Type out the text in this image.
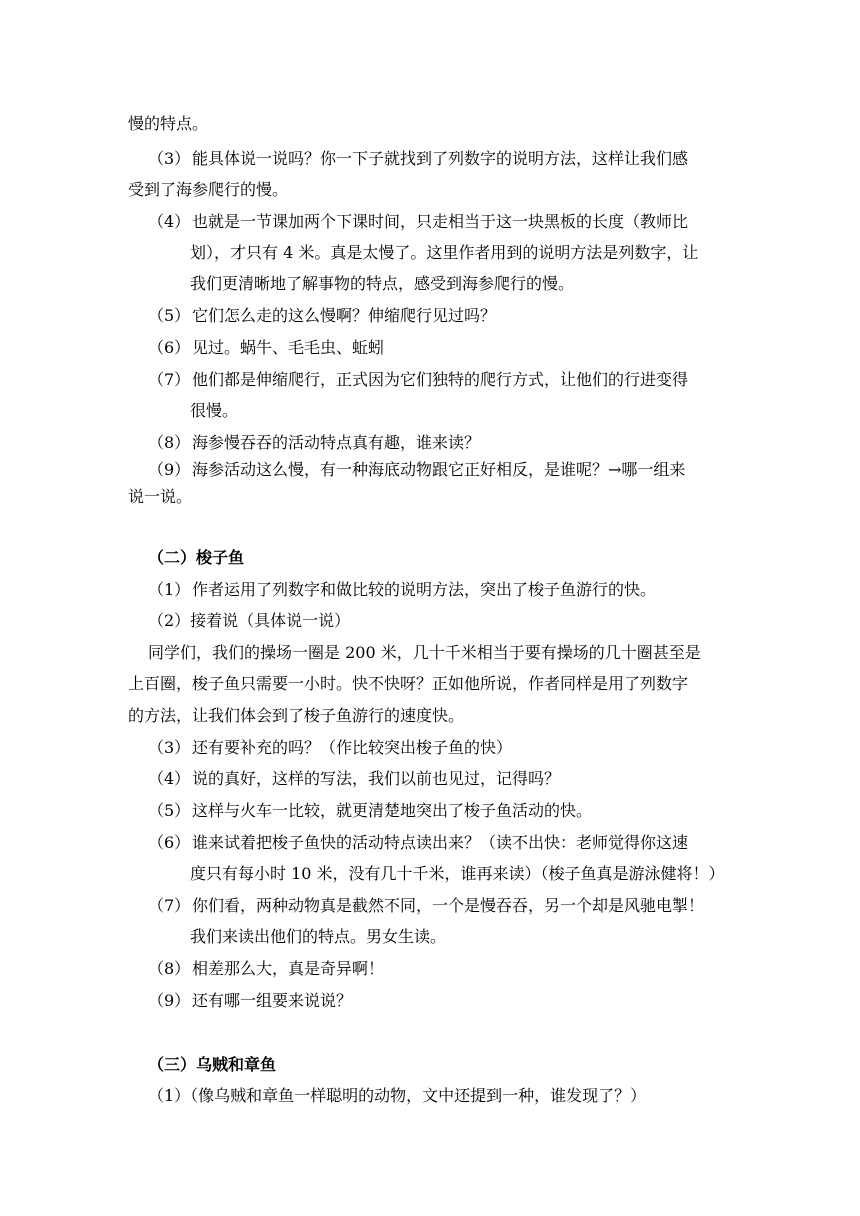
慢的特点。
（3） 能具体说一说吗？你一下子就找到了列数字的说明方法，这样让我们感
受到了海参爬行的慢。
（4） 也就是一节课加两个下课时间，只走相当于这一块黑板的长度（教师比
划），才只有 4 米。真是太慢了。这里作者用到的说明方法是列数字，让
我们更清晰地了解事物的特点，感受到海参爬行的慢。
（5） 它们怎么走的这么慢啊？伸缩爬行见过吗？
（6） 见过。蜗牛、毛毛虫、蚯蚓
（7） 他们都是伸缩爬行，正式因为它们独特的爬行方式，让他们的行进变得
很慢。
（8） 海参慢吞吞的活动特点真有趣，谁来读？
（9） 海参活动这么慢，有一种海底动物跟它正好相反，是谁呢？→哪一组来
说一说。
（二）梭子鱼
（1） 作者运用了列数字和做比较的说明方法，突出了梭子鱼游行的快。
（2）接着说（具体说一说）
同学们，我们的操场一圈是 200 米，几十千米相当于要有操场的几十圈甚至是
上百圈，梭子鱼只需要一小时。快不快呀？正如他所说，作者同样是用了列数字
的方法，让我们体会到了梭子鱼游行的速度快。
（3） 还有要补充的吗？（作比较突出梭子鱼的快）
（4） 说的真好，这样的写法，我们以前也见过，记得吗？
（5） 这样与火车一比较，就更清楚地突出了梭子鱼活动的快。
（6） 谁来试着把梭子鱼快的活动特点读出来？（读不出快：老师觉得你这速
度只有每小时 10 米，没有几十千米，谁再来读）（梭子鱼真是游泳健将！）
（7） 你们看，两种动物真是截然不同，一个是慢吞吞，另一个却是风驰电掣！
我们来读出他们的特点。男女生读。
（8） 相差那么大，真是奇异啊！
（9） 还有哪一组要来说说？
（三）乌贼和章鱼
（1）（像乌贼和章鱼一样聪明的动物，文中还提到一种，谁发现了？）
